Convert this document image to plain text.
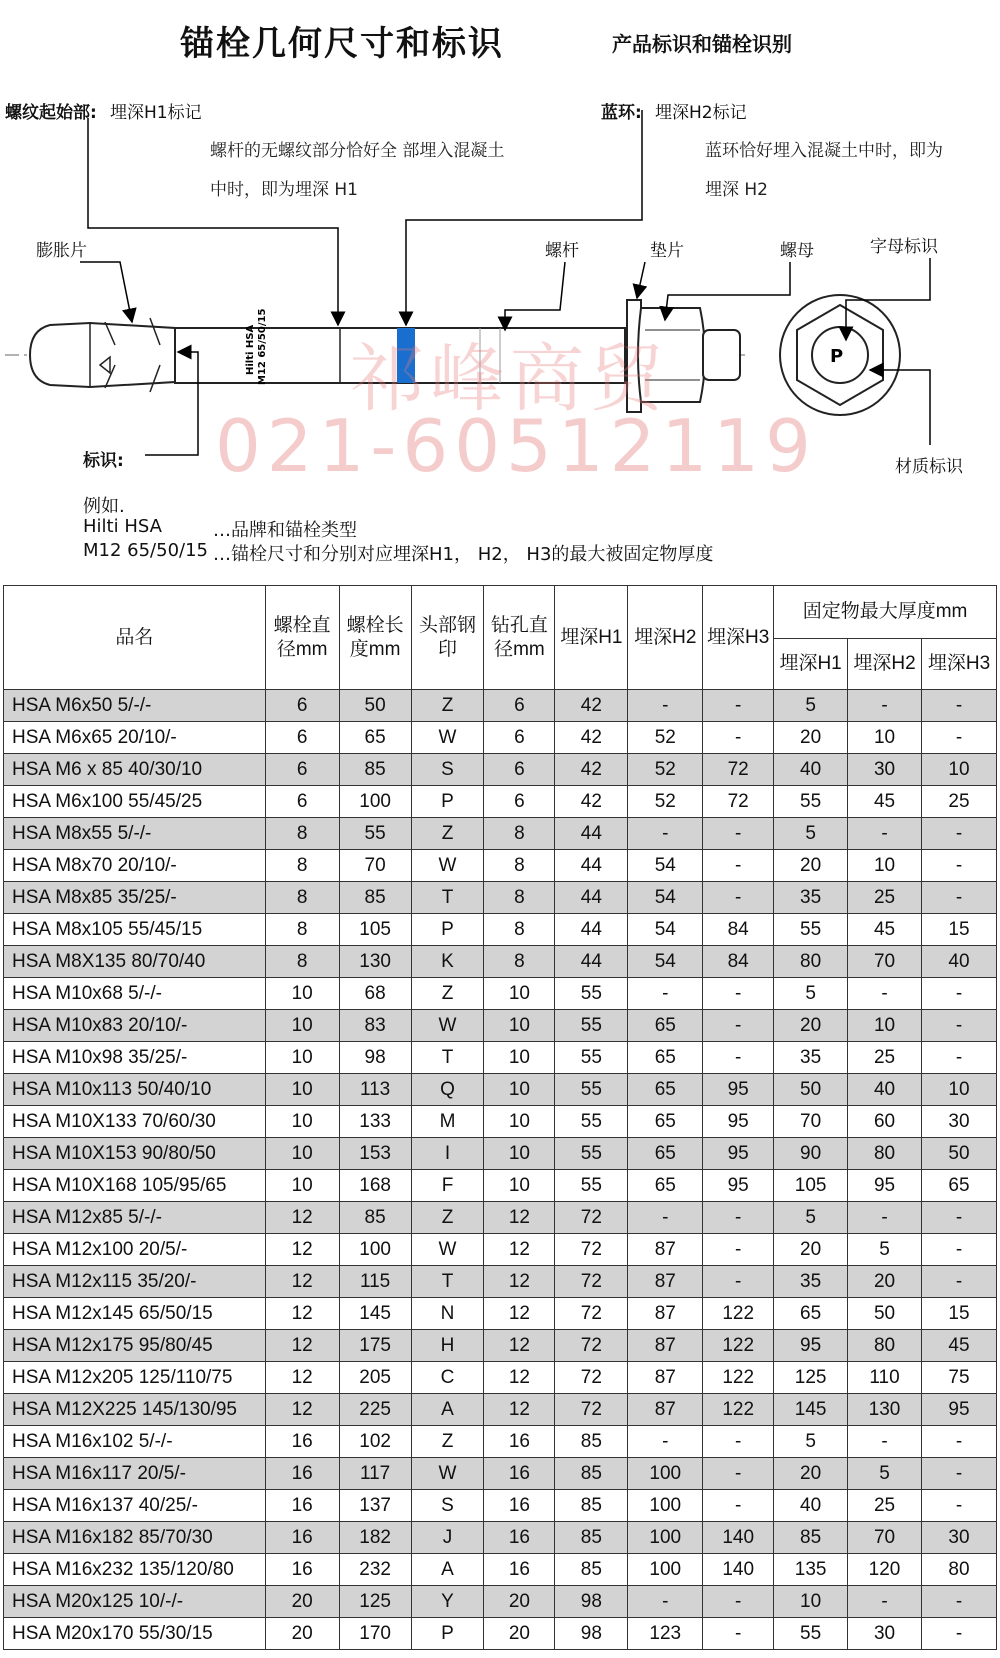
锚栓几何尺寸和标识	产品标识和锚栓识别
Hilti HSA M12 65/50/15	P
螺纹起始部: 埋深H1标记
螺杆的无螺纹部分恰好全 部埋入混凝土
中时，即为埋深 H1
蓝环: 埋深H2标记
蓝环恰好埋入混凝土中时，即为
埋深 H2
膨胀片	螺杆	垫片	螺母	字母标识
标识:	材质标识
祁峰商贸
021-60512119
例如.
Hilti HSA	…品牌和锚栓类型
M12 65/50/15 …锚栓尺寸和分别对应埋深H1， H2， H3的最大被固定物厚度
品名	螺栓直径mm	螺栓长度mm	头部钢印	钻孔直径mm	埋深H1	埋深H2	埋深H3	固定物最大厚度mm		
								埋深H1	埋深H2	埋深H3
HSA M6x50 5/-/-	6	50	Z	6	42	-	-	5	-	-
HSA M6x65 20/10/-	6	65	W	6	42	52	-	20	10	-
HSA M6 x 85 40/30/10	6	85	S	6	42	52	72	40	30	10
HSA M6x100 55/45/25	6	100	P	6	42	52	72	55	45	25
HSA M8x55 5/-/-	8	55	Z	8	44	-	-	5	-	-
HSA M8x70 20/10/-	8	70	W	8	44	54	-	20	10	-
HSA M8x85 35/25/-	8	85	T	8	44	54	-	35	25	-
HSA M8x105 55/45/15	8	105	P	8	44	54	84	55	45	15
HSA M8X135 80/70/40	8	130	K	8	44	54	84	80	70	40
HSA M10x68 5/-/-	10	68	Z	10	55	-	-	5	-	-
HSA M10x83 20/10/-	10	83	W	10	55	65	-	20	10	-
HSA M10x98 35/25/-	10	98	T	10	55	65	-	35	25	-
HSA M10x113 50/40/10	10	113	Q	10	55	65	95	50	40	10
HSA M10X133 70/60/30	10	133	M	10	55	65	95	70	60	30
HSA M10X153 90/80/50	10	153	I	10	55	65	95	90	80	50
HSA M10X168 105/95/65	10	168	F	10	55	65	95	105	95	65
HSA M12x85 5/-/-	12	85	Z	12	72	-	-	5	-	-
HSA M12x100 20/5/-	12	100	W	12	72	87	-	20	5	-
HSA M12x115 35/20/-	12	115	T	12	72	87	-	35	20	-
HSA M12x145 65/50/15	12	145	N	12	72	87	122	65	50	15
HSA M12x175 95/80/45	12	175	H	12	72	87	122	95	80	45
HSA M12x205 125/110/75	12	205	C	12	72	87	122	125	110	75
HSA M12X225 145/130/95	12	225	A	12	72	87	122	145	130	95
HSA M16x102 5/-/-	16	102	Z	16	85	-	-	5	-	-
HSA M16x117 20/5/-	16	117	W	16	85	100	-	20	5	-
HSA M16x137 40/25/-	16	137	S	16	85	100	-	40	25	-
HSA M16x182 85/70/30	16	182	J	16	85	100	140	85	70	30
HSA M16x232 135/120/80	16	232	A	16	85	100	140	135	120	80
HSA M20x125 10/-/-	20	125	Y	20	98	-	-	10	-	-
HSA M20x170 55/30/15	20	170	P	20	98	123	-	55	30	-
